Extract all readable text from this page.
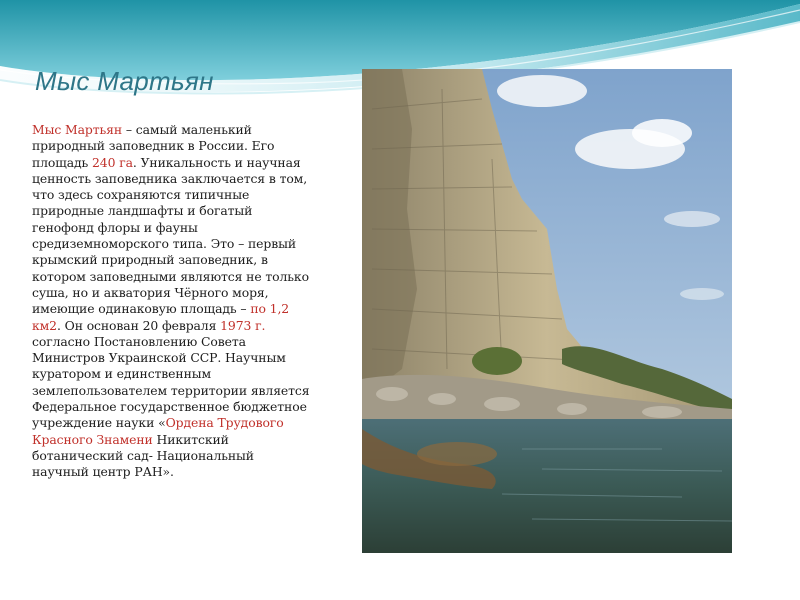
Мыс Мартьян

Мыс Мартьян – самый маленький природный заповедник в России. Его площадь 240 га. Уникальность и научная ценность заповедника заключается в том, что здесь сохраняются типичные природные ландшафты и богатый генофонд флоры и фауны средиземноморского типа. Это – первый крымский природный заповедник, в котором заповедными являются не только суша, но и акватория Чёрного моря, имеющие одинаковую площадь – по 1,2 км2. Он основан 20 февраля 1973 г. согласно Постановлению Совета Министров Украинской ССР. Научным куратором и единственным землепользователем территории является Федеральное государственное бюджетное учреждение науки «Ордена Трудового Красного Знамени Никитский ботанический сад- Национальный научный центр РАН».
